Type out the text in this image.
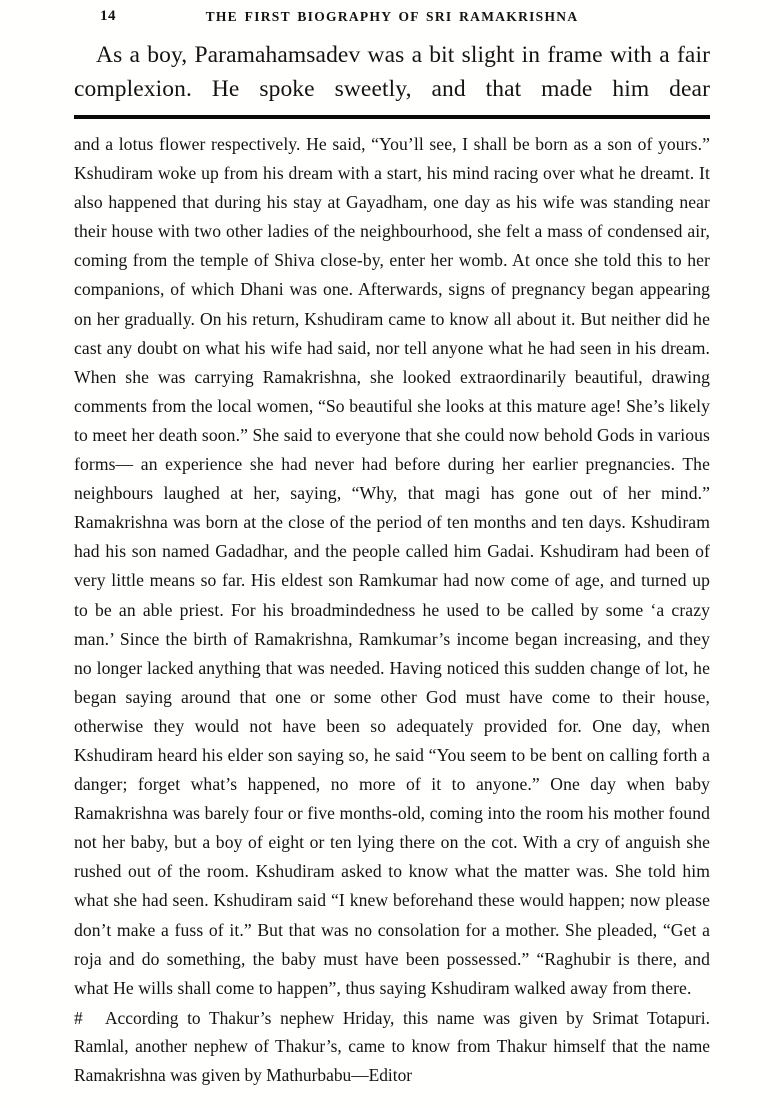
14	THE FIRST BIOGRAPHY OF SRI RAMAKRISHNA

As a boy, Paramahamsadev was a bit slight in frame with a fair complexion. He spoke sweetly, and that made him dear

and a lotus flower respectively. He said, “You’ll see, I shall be born as a son of yours.” Kshudiram woke up from his dream with a start, his mind racing over what he dreamt. It also happened that during his stay at Gayadham, one day as his wife was standing near their house with two other ladies of the neighbourhood, she felt a mass of condensed air, coming from the temple of Shiva close-by, enter her womb. At once she told this to her companions, of which Dhani was one. Afterwards, signs of pregnancy began appearing on her gradually. On his return, Kshudiram came to know all about it. But neither did he cast any doubt on what his wife had said, nor tell anyone what he had seen in his dream. When she was carrying Ramakrishna, she looked extraordinarily beautiful, drawing comments from the local women, “So beautiful she looks at this mature age! She’s likely to meet her death soon.” She said to everyone that she could now behold Gods in various forms— an experience she had never had before during her earlier pregnancies. The neighbours laughed at her, saying, “Why, that magi has gone out of her mind.” Ramakrishna was born at the close of the period of ten months and ten days. Kshudiram had his son named Gadadhar, and the people called him Gadai. Kshudiram had been of very little means so far. His eldest son Ramkumar had now come of age, and turned up to be an able priest. For his broadmindedness he used to be called by some ‘a crazy man.’ Since the birth of Ramakrishna, Ramkumar’s income began increasing, and they no longer lacked anything that was needed. Having noticed this sudden change of lot, he began saying around that one or some other God must have come to their house, otherwise they would not have been so adequately provided for. One day, when Kshudiram heard his elder son saying so, he said “You seem to be bent on calling forth a danger; forget what’s happened, no more of it to anyone.” One day when baby Ramakrishna was barely four or five months-old, coming into the room his mother found not her baby, but a boy of eight or ten lying there on the cot. With a cry of anguish she rushed out of the room. Kshudiram asked to know what the matter was. She told him what she had seen. Kshudiram said “I knew beforehand these would happen; now please don’t make a fuss of it.” But that was no consolation for a mother. She pleaded, “Get a roja and do something, the baby must have been possessed.” “Raghubir is there, and what He wills shall come to happen”, thus saying Kshudiram walked away from there.

# According to Thakur’s nephew Hriday, this name was given by Srimat Totapuri. Ramlal, another nephew of Thakur’s, came to know from Thakur himself that the name Ramakrishna was given by Mathurbabu—Editor
